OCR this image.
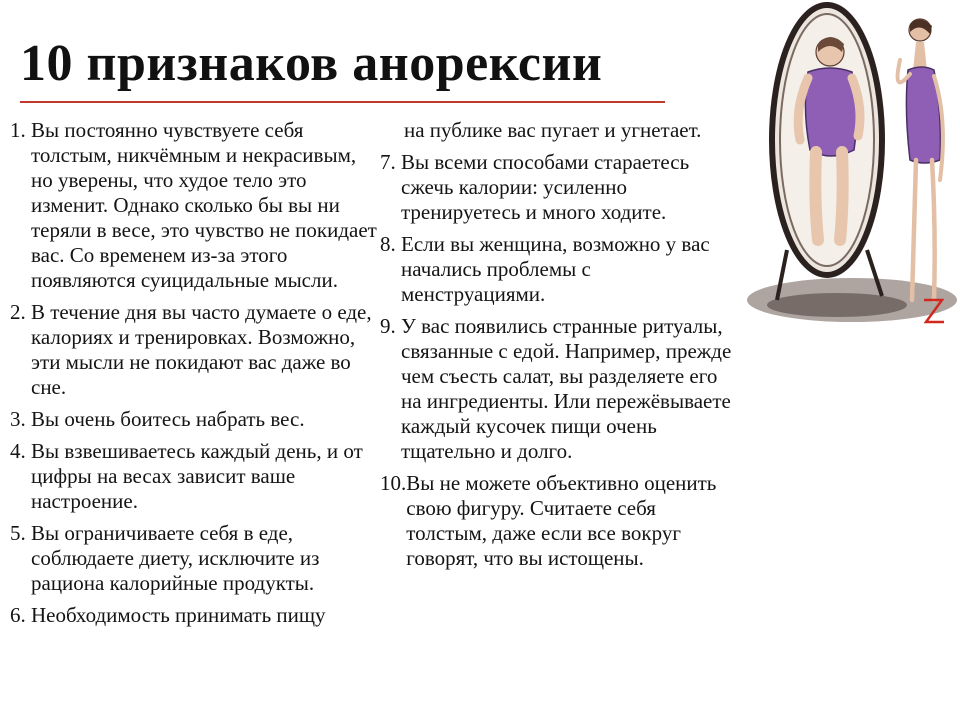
10 признаков анорексии
1. Вы постоянно чувствуете себя толстым, никчёмным и некрасивым, но уверены, что худое тело это изменит. Однако сколько бы вы ни теряли в весе, это чувство не покидает вас. Со временем из-за этого появляются суицидальные мысли.
2. В течение дня вы часто думаете о еде, калориях и тренировках. Возможно, эти мысли не покидают вас даже во сне.
3. Вы очень боитесь набрать вес.
4. Вы взвешиваетесь каждый день, и от цифры на весах зависит ваше настроение.
5. Вы ограничиваете себя в еде, соблюдаете диету, исключите из рациона калорийные продукты.
6. Необходимость принимать пищу
на публике вас пугает и угнетает.
7. Вы всеми способами стараетесь сжечь калории: усиленно тренируетесь и много ходите.
8. Если вы женщина, возможно у вас начались проблемы с менструациями.
9. У вас появились странные ритуалы, связанные с едой. Например, прежде чем съесть салат, вы разделяете его на ингредиенты. Или пережёвываете каждый кусочек пищи очень тщательно и долго.
10. Вы не можете объективно оценить свою фигуру. Считаете себя толстым, даже если все вокруг говорят, что вы истощены.
